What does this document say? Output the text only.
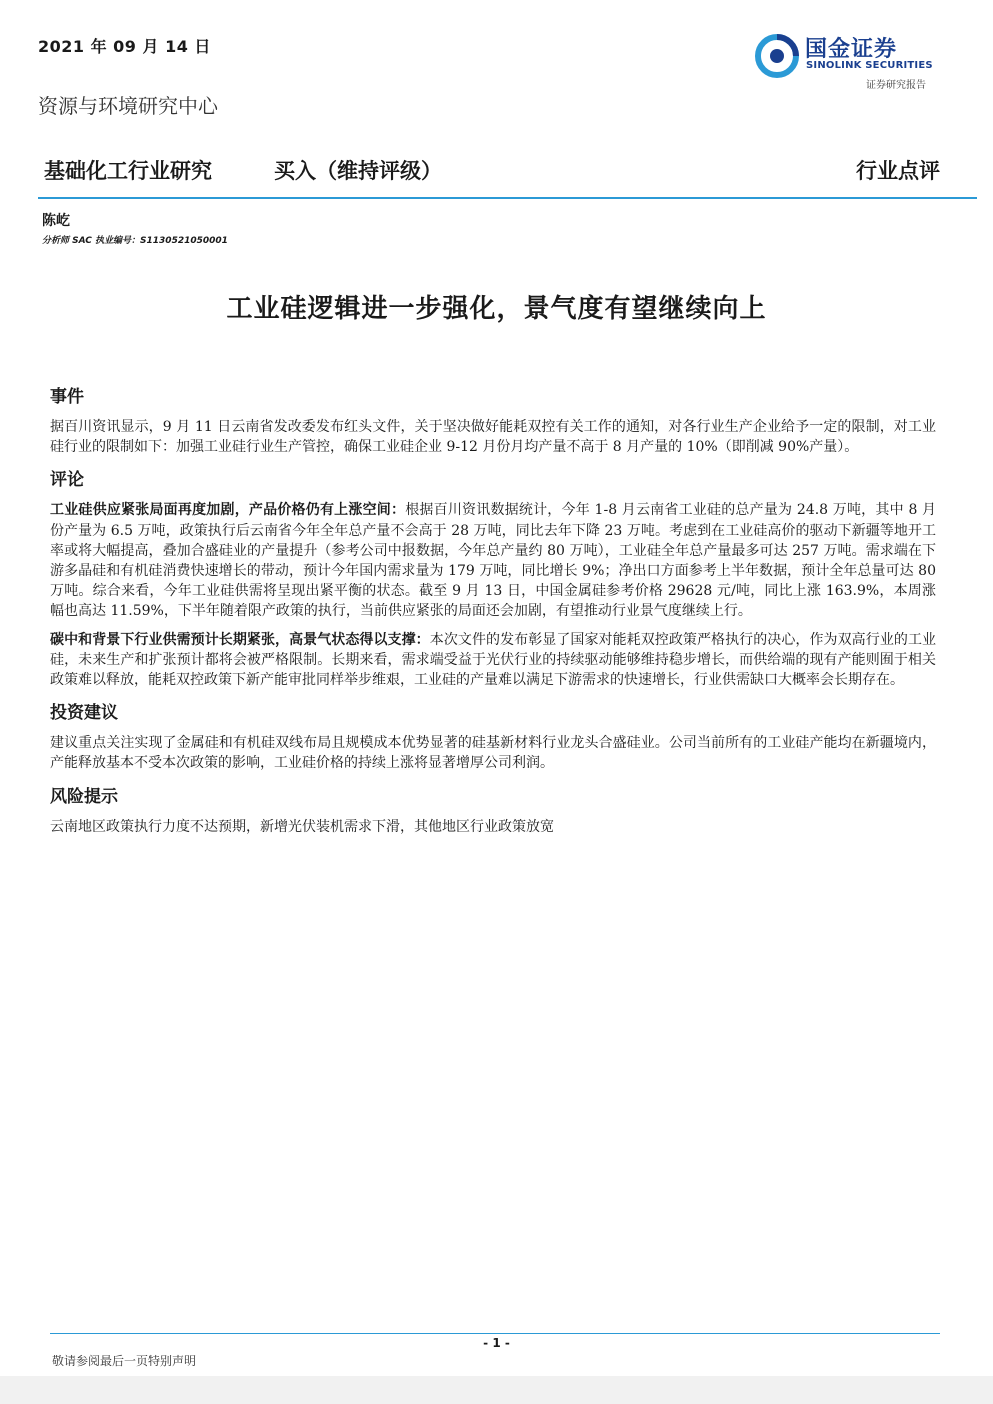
2021 年 09 月 14 日
资源与环境研究中心
国金证券
SINOLINK SECURITIES
证券研究报告
基础化工行业研究	买入（维持评级）	行业点评
陈屹
分析师 SAC 执业编号：S1130521050001
工业硅逻辑进一步强化，景气度有望继续向上
事件
据百川资讯显示，9 月 11 日云南省发改委发布红头文件，关于坚决做好能耗双控有关工作的通知，对各行业生产企业给予一定的限制，对工业硅行业的限制如下：加强工业硅行业生产管控，确保工业硅企业 9-12 月份月均产量不高于 8 月产量的 10%（即削减 90%产量）。
评论
工业硅供应紧张局面再度加剧，产品价格仍有上涨空间：根据百川资讯数据统计，今年 1-8 月云南省工业硅的总产量为 24.8 万吨，其中 8 月份产量为 6.5 万吨，政策执行后云南省今年全年总产量不会高于 28 万吨，同比去年下降 23 万吨。考虑到在工业硅高价的驱动下新疆等地开工率或将大幅提高，叠加合盛硅业的产量提升（参考公司中报数据，今年总产量约 80 万吨），工业硅全年总产量最多可达 257 万吨。需求端在下游多晶硅和有机硅消费快速增长的带动，预计今年国内需求量为 179 万吨，同比增长 9%；净出口方面参考上半年数据，预计全年总量可达 80 万吨。综合来看，今年工业硅供需将呈现出紧平衡的状态。截至 9 月 13 日，中国金属硅参考价格 29628 元/吨，同比上涨 163.9%，本周涨幅也高达 11.59%，下半年随着限产政策的执行，当前供应紧张的局面还会加剧，有望推动行业景气度继续上行。
碳中和背景下行业供需预计长期紧张，高景气状态得以支撑：本次文件的发布彰显了国家对能耗双控政策严格执行的决心，作为双高行业的工业硅，未来生产和扩张预计都将会被严格限制。长期来看，需求端受益于光伏行业的持续驱动能够维持稳步增长，而供给端的现有产能则囿于相关政策难以释放，能耗双控政策下新产能审批同样举步维艰，工业硅的产量难以满足下游需求的快速增长，行业供需缺口大概率会长期存在。
投资建议
建议重点关注实现了金属硅和有机硅双线布局且规模成本优势显著的硅基新材料行业龙头合盛硅业。公司当前所有的工业硅产能均在新疆境内，产能释放基本不受本次政策的影响，工业硅价格的持续上涨将显著增厚公司利润。
风险提示
云南地区政策执行力度不达预期，新增光伏装机需求下滑，其他地区行业政策放宽
- 1 -
敬请参阅最后一页特别声明
